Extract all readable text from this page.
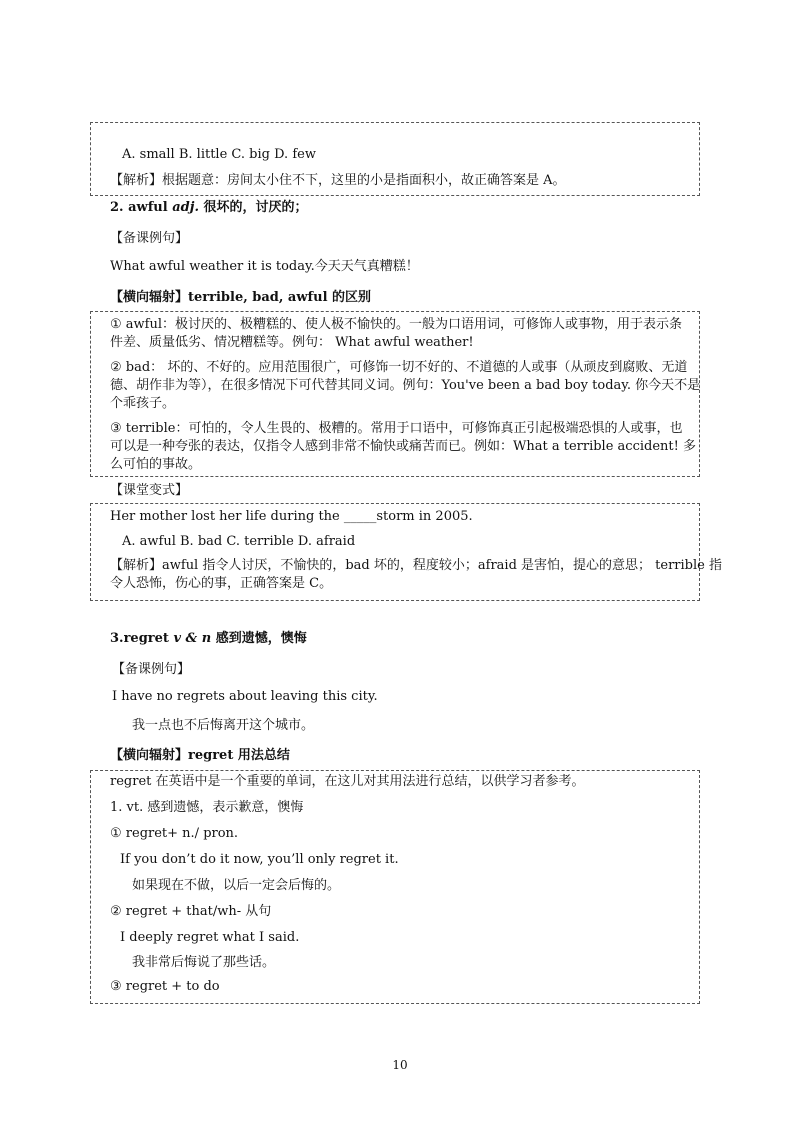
A. small B. little C. big D. few
【解析】根据题意：房间太小住不下，这里的小是指面积小，故正确答案是 A。
2. awful adj. 很坏的，讨厌的；
【备课例句】
What awful weather it is today.今天天气真糟糕！
【横向辐射】terrible, bad, awful 的区别
① awful：极讨厌的、极糟糕的、使人极不愉快的。一般为口语用词，可修饰人或事物，用于表示条
件差、质量低劣、情况糟糕等。例句： What awful weather!
② bad： 坏的、不好的。应用范围很广，可修饰一切不好的、不道德的人或事（从顽皮到腐败、无道
德、胡作非为等），在很多情况下可代替其同义词。例句：You've been a bad boy today. 你今天不是
个乖孩子。
③ terrible：可怕的，令人生畏的、极糟的。常用于口语中，可修饰真正引起极端恐惧的人或事，也
可以是一种夸张的表达，仅指令人感到非常不愉快或痛苦而已。例如：What a terrible accident! 多
么可怕的事故。
【课堂变式】
Her mother lost her life during the _____storm in 2005.
A. awful B. bad C. terrible D. afraid
【解析】awful 指令人讨厌，不愉快的，bad 坏的，程度较小；afraid 是害怕，提心的意思； terrible 指
令人恐怖，伤心的事，正确答案是 C。
3.regret v & n 感到遗憾，懊悔
【备课例句】
I have no regrets about leaving this city.
我一点也不后悔离开这个城市。
【横向辐射】regret 用法总结
regret 在英语中是一个重要的单词，在这儿对其用法进行总结，以供学习者参考。
1. vt. 感到遗憾，表示歉意，懊悔
① regret+ n./ pron.
If you don’t do it now, you’ll only regret it.
如果现在不做，以后一定会后悔的。
② regret + that/wh- 从句
I deeply regret what I said.
我非常后悔说了那些话。
③ regret + to do
10
